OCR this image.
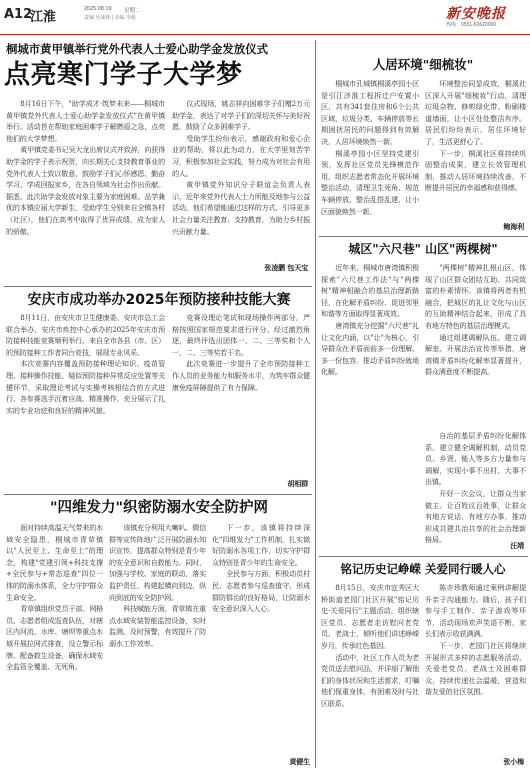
A12
江淮
2025.08.19 星期二
责编 吴成林 | 美编 李政	新安晚报
热线：0551-62620000
桐城市黄甲镇举行党外代表人士爱心助学金发放仪式
点亮寒门学子大学梦

8月16日下午，"助学成才·筑梦未来——桐城市黄甲镇党外代表人士爱心助学金发放仪式"在黄甲镇举行。活动旨在帮助家庭困难学子解燃眉之急，点亮他们的大学梦想。

黄甲镇党委书记吴大龙出席仪式并致辞，向获得助学金的学子表示祝贺，向长期关心支持教育事业的党外代表人士致以敬意，鼓励学子们心怀感恩、勤奋学习、学成回报家乡，在各自领域为社会作出贡献。据悉，此次助学金发放对象主要为家庭困难、品学兼优的本镇应届大学新生，受助学生分别来自全镇各村（社区），他们在高考中取得了优异成绩，成为家人的骄傲。

仪式现场，姚志祥向困难学子们赠2万元助学金，表达了对学子们的深切关怀与美好祝愿，鼓励了众多困难学子。

受助学生纷纷表示，感谢政府和爱心企业的帮助，将以此为动力，在大学里刻苦学习，积极参加社会实践，努力成为对社会有用的人。

黄甲镇党外知识分子联谊会负责人表示，近年来党外代表人士力所能及地参与公益活动，他们希望能通过这样的方式，引导更多社会力量关注教育、支持教育，为助力乡村振兴贡献力量。

张凌鹏 包天宝
安庆市成功举办2025年预防接种技能大赛

8月11日，由安庆市卫生健康委、安庆市总工会联合举办，安庆市疾控中心承办的2025年安庆市预防接种技能竞赛顺利举行。来自全市各县（市、区）的预防接种工作者同台竞技，展现专业风采。

本次竞赛内容覆盖预防接种理论知识、疫苗管理、接种操作技能、疑似预防接种异常反应处置等关键环节，采取理论考试与实操考核相结合的方式进行。各参赛选手沉着应战、精准操作，充分展示了扎实的专业功底和良好的精神风貌。

竞赛设理论笔试和现场操作两部分，严格按照国家规范要求进行评分。经过激烈角逐，最终评选出团体一、二、三等奖和个人一、二、三等奖若干名。

此次竞赛进一步提升了全市预防接种工作人员的业务能力和服务水平，为筑牢群众健康免疫屏障提供了有力保障。

胡相群
"四维发力"织密防溺水安全防护网

面对持续高温天气带来的水域安全隐患，桐城市青草镇以"人民至上、生命至上"的理念，构建"党建引领+科技支撑+全民参与+常态巡查"四位一体的防溺水体系，全力守护群众生命安全。

青草镇组织党员干部、网格员、志愿者组成巡查队伍，对辖区内河流、水库、塘坝等重点水域开展拉网式排查，设立警示标牌、配备救生设备，确保水域安全监管全覆盖、无死角。

该镇充分利用大喇叭、微信群等宣传阵地广泛开展防溺水知识宣传，提高群众特别是青少年的安全意识和自救能力。同时，加强与学校、家庭的联动，落实监护责任，构建起横向到边、纵向到底的安全防护网。

科技赋能方面，青草镇在重点水域安装智能监控设备，实时监测、及时预警，有效提升了防溺水工作效率。

下一步，该镇将持续深化"四维发力"工作机制，扎实做好防溺水各项工作，切实守护群众特别是青少年的生命安全。

全民参与方面，积极动员村民、志愿者参与巡查值守，形成群防群治的良好格局，让防溺水安全意识深入人心。

黄健生
人居环境"细梳妆"

桐城市孔城镇桐溪亭园小区是引江济淮工程拆迁户安置小区，共有341套住房和6个公共区域，垃圾分类、车辆停放等长期困扰居民的问题得到有效解决，人居环境焕然一新。

桐溪亭园小区坚持党建引领，发挥社区党员先锋模范作用，组织志愿者常态化开展环境整治活动，清理卫生死角、规范车辆停放、整治乱搭乱建，让小区面貌焕然一新。

环境整治同显成效，桐溪社区深入开展"细梳妆"行动，清理垃圾杂物、修剪绿化带、粉刷楼道墙面，让小区处处整洁有序。居民们纷纷表示，居住环境好了，生活更舒心了。

下一步，桐溪社区将持续巩固整治成果，建立长效管理机制，推动人居环境持续改善，不断提升居民的幸福感和获得感。

鲍海利
城区"六尺巷" 山区"两棵树"

近年来，桐城市唐湾镇积极探索"六尺巷工作法"与"两棵树"精神相融合的基层治理新路径，在化解矛盾纠纷、促进邻里和谐等方面取得显著成效。

唐湾镇充分挖掘"六尺巷"礼让文化内涵，以"让"为核心，引导群众在矛盾面前多一份理解、多一份包容，推动矛盾纠纷就地化解。

"两棵树"精神扎根山区，体现了山区群众团结互助、共同致富的朴素情怀。该镇将两者有机融合，把城区的礼让文化与山区的互助精神结合起来，形成了具有地方特色的基层治理模式。

通过组建调解队伍、建立调解室、开展法治宣传等举措，唐湾镇矛盾纠纷化解率显著提升，群众满意度不断提高。

自治的基层矛盾纠纷化解体系。建立健全调解机制，动员党员、乡贤、能人等多方力量参与调解，实现小事不出村、大事不出镇。

开好一次会议，让群众当家做主。让百姓议百姓事，让群众有地方说话、有地方办事，推动形成共建共治共享的社会治理新格局。

汪靖
铭记历史记峥嵘 关爱同行暖人心

8月15日，安庆市宜秀区大桥街道老园门社区开展"铭记历史·关爱同行"主题活动，组织辖区党员、志愿者走访慰问老党员、老战士，倾听他们讲述峥嵘岁月，传承红色基因。

活动中，社区工作人员为老党员送去慰问品，并详细了解他们的身体状况和生活需求，叮嘱他们保重身体，有困难及时与社区联系。

陈亦珍教师通过案例讲解提升亲子沟通能力。随后，孩子们参与手工制作、亲子游戏等环节，活动现场欢声笑语不断，家长们表示收获满满。

下一步，老园门社区将继续开展形式多样的志愿服务活动，关爱老党员、老战士及困难群众，持续传递社会温暖，营造和谐友爱的社区氛围。

张小梅
